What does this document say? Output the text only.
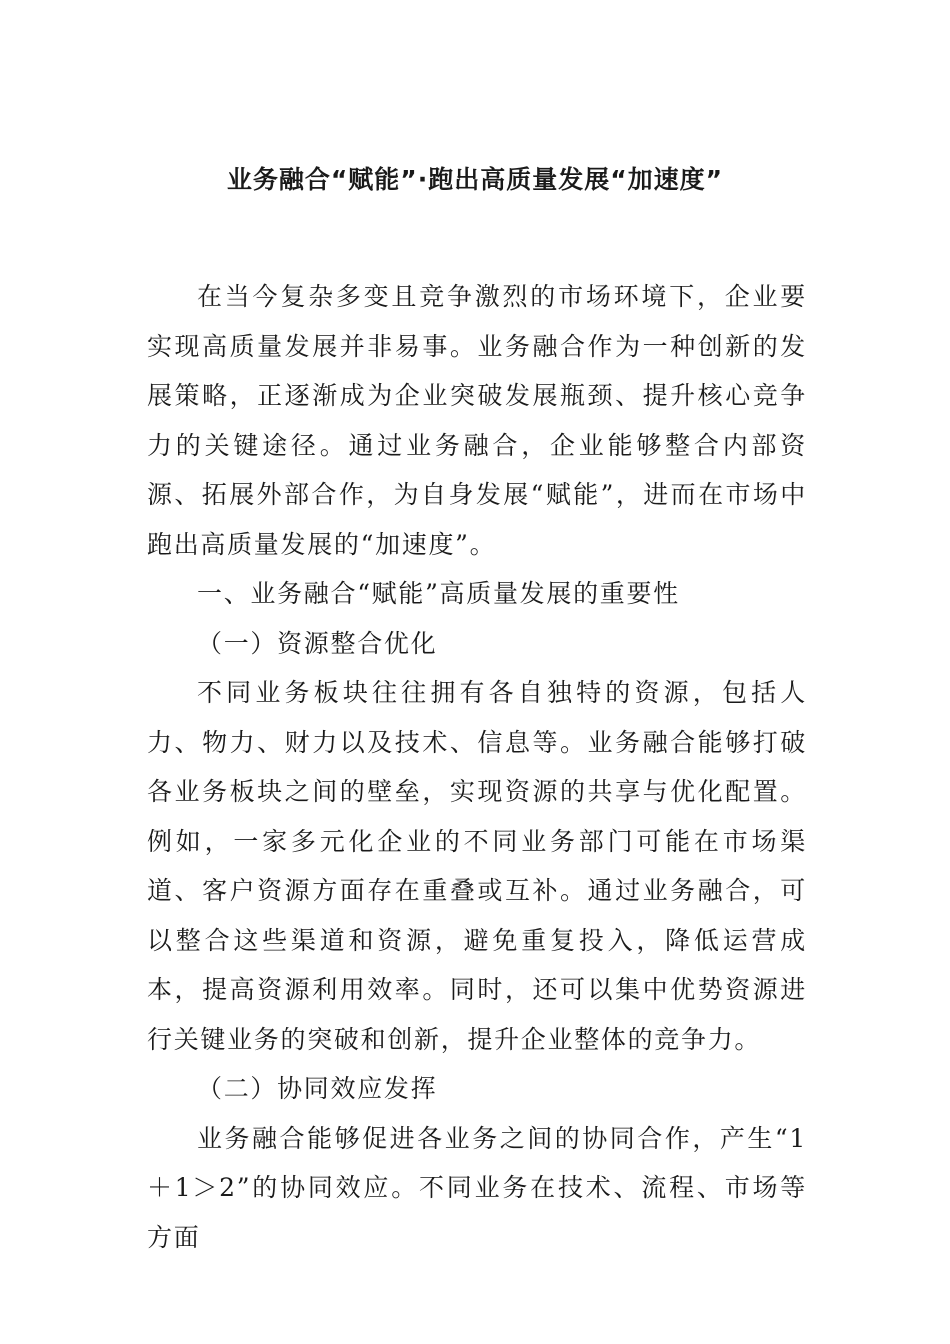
业务融合“赋能”·跑出高质量发展“加速度”

在当今复杂多变且竞争激烈的市场环境下，企业要实现高质量发展并非易事。业务融合作为一种创新的发展策略，正逐渐成为企业突破发展瓶颈、提升核心竞争力的关键途径。通过业务融合，企业能够整合内部资源、拓展外部合作，为自身发展“赋能”，进而在市场中跑出高质量发展的“加速度”。

一、业务融合“赋能”高质量发展的重要性

（一）资源整合优化

不同业务板块往往拥有各自独特的资源，包括人力、物力、财力以及技术、信息等。业务融合能够打破各业务板块之间的壁垒，实现资源的共享与优化配置。例如，一家多元化企业的不同业务部门可能在市场渠道、客户资源方面存在重叠或互补。通过业务融合，可以整合这些渠道和资源，避免重复投入，降低运营成本，提高资源利用效率。同时，还可以集中优势资源进行关键业务的突破和创新，提升企业整体的竞争力。

（二）协同效应发挥

业务融合能够促进各业务之间的协同合作，产生“1＋1＞2”的协同效应。不同业务在技术、流程、市场等方面
